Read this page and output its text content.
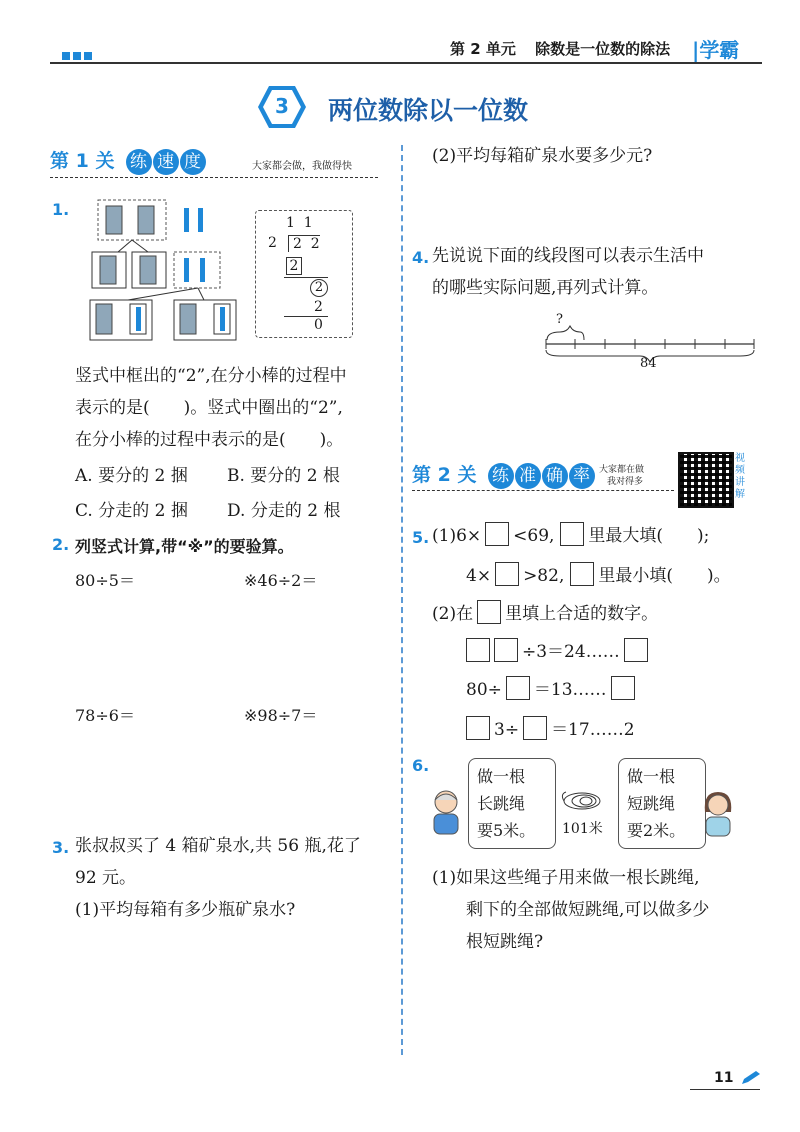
第 2 单元 除数是一位数的除法 |学霸
3	两位数除以一位数
第 1 关 练 速 度	大家都会做，我做得快
1.
1  1
2	2  2
2
2
2
0
竖式中框出的“2”,在分小棒的过程中
表示的是(　　)。竖式中圈出的“2”,
在分小棒的过程中表示的是(　　)。
A. 要分的 2 捆 B. 要分的 2 根
C. 分走的 2 捆 D. 分走的 2 根
2. 列竖式计算,带“※”的要验算。
80÷5＝	※46÷2＝
78÷6＝	※98÷7＝
3. 张叔叔买了 4 箱矿泉水,共 56 瓶,花了
92 元。
(1)平均每箱有多少瓶矿泉水?
(2)平均每箱矿泉水要多少元?
4. 先说说下面的线段图可以表示生活中
的哪些实际问题,再列式计算。
?
84
第 2 关 练 准 确 率 大家都在做
我对得多
视
频
讲
解
5. (1)6× <69, 里最大填(　　);
4× >82, 里最小填(　　)。
(2)在 里填上合适的数字。
÷3＝24……
80÷ ＝13……
3÷ ＝17……2
6.
做一根
长跳绳
要5米。	101米
做一根
短跳绳
要2米。
(1)如果这些绳子用来做一根长跳绳,
剩下的全部做短跳绳,可以做多少
根短跳绳?
11
